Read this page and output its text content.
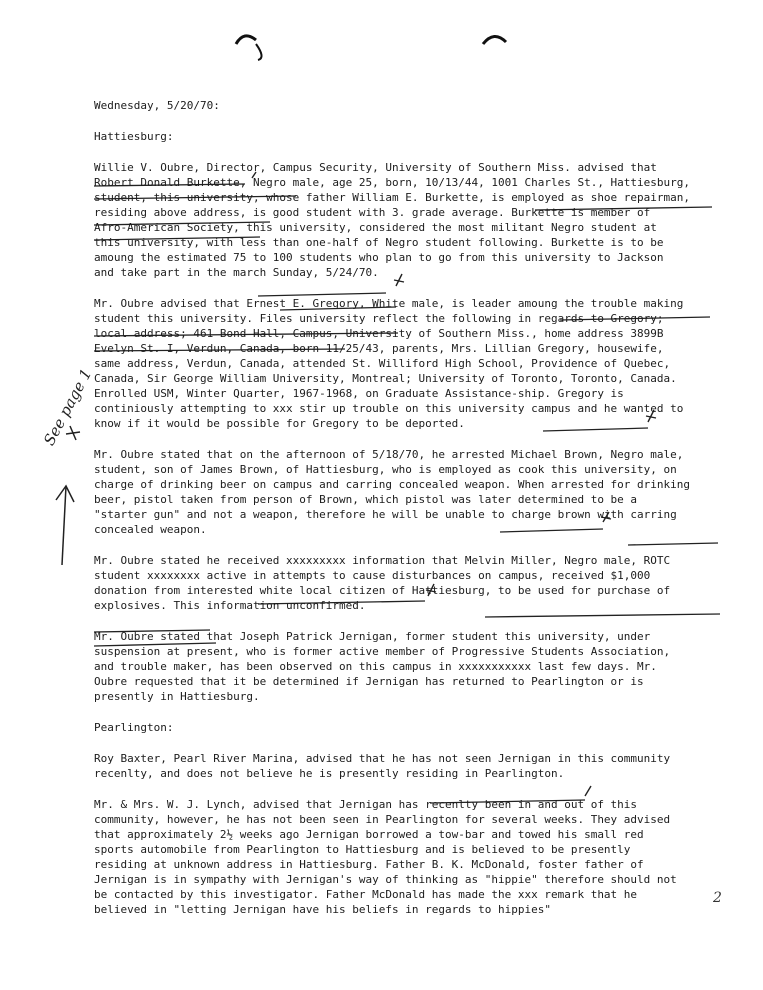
See page 1
Wednesday, 5/20/70:
Hattiesburg:
Willie V. Oubre, Director, Campus Security, University of Southern Miss. advised that
Robert Donald Burkette, Negro male, age 25, born, 10/13/44, 1001 Charles St., Hattiesburg,
student, this university, whose father William E. Burkette, is employed as shoe repairman,
residing above address, is good student with 3. grade average. Burkette is member of
Afro-American Society, this university, considered the most militant Negro student at
this university, with less than one-half of Negro student following. Burkette is to be
amoung the estimated 75 to 100 students who plan to go from this university to Jackson
and take part in the march Sunday, 5/24/70.
Mr. Oubre advised that Ernest E. Gregory, White male, is leader amoung the trouble making
student this university. Files university reflect the following in regards to Gregory;
local address; 461 Bond Hall, Campus, University of Southern Miss., home address 3899B
Evelyn St. I, Verdun, Canada, born 11/25/43, parents, Mrs. Lillian Gregory, housewife,
same address, Verdun, Canada, attended St. Williford High School, Providence of Quebec,
Canada, Sir George William University, Montreal; University of Toronto, Toronto, Canada.
Enrolled USM, Winter Quarter, 1967-1968, on Graduate Assistance-ship. Gregory is
continiously attempting to xxx stir up trouble on this university campus and he wanted to
know if it would be possible for Gregory to be deported.
Mr. Oubre stated that on the afternoon of 5/18/70, he arrested Michael Brown, Negro male,
student, son of James Brown, of Hattiesburg, who is employed as cook this university, on
charge of drinking beer on campus and carring concealed weapon. When arrested for drinking
beer, pistol taken from person of Brown, which pistol was later determined to be a
"starter gun" and not a weapon, therefore he will be unable to charge brown with carring
concealed weapon.
Mr. Oubre stated he received xxxxxxxxx information that Melvin Miller, Negro male, ROTC
student xxxxxxxx active in attempts to cause disturbances on campus, received $1,000
donation from interested white local citizen of Hattiesburg, to be used for purchase of
explosives. This information unconfirmed.
Mr. Oubre stated that Joseph Patrick Jernigan, former student this university, under
suspension at present, who is former active member of Progressive Students Association,
and trouble maker, has been observed on this campus in xxxxxxxxxxx last few days. Mr.
Oubre requested that it be determined if Jernigan has returned to Pearlington or is
presently in Hattiesburg.
Pearlington:
Roy Baxter, Pearl River Marina, advised that he has not seen Jernigan in this community
recenlty, and does not believe he is presently residing in Pearlington.
Mr. & Mrs. W. J. Lynch, advised that Jernigan has recenlty been in and out of this
community, however, he has not been seen in Pearlington for several weeks. They advised
that approximately 2½ weeks ago Jernigan borrowed a tow-bar and towed his small red
sports automobile from Pearlington to Hattiesburg and is believed to be presently
residing at unknown address in Hattiesburg. Father B. K. McDonald, foster father of
Jernigan is in sympathy with Jernigan's way of thinking as "hippie" therefore should not
be contacted by this investigator. Father McDonald has made the xxx remark that he
believed in "letting Jernigan have his beliefs in regards to hippies"
2
